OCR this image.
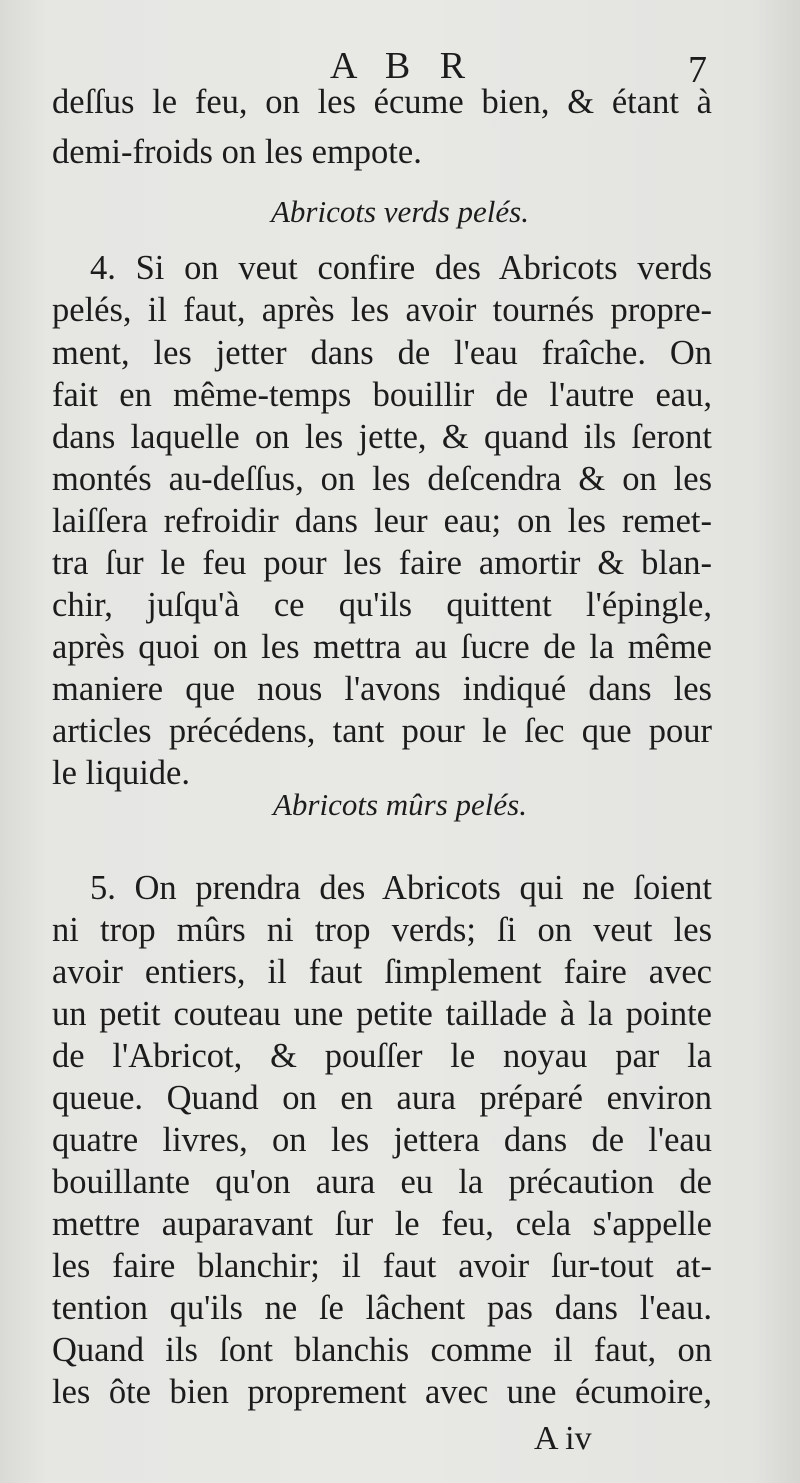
A B R	7
deſſus le feu, on les écume bien, & étant à
demi-froids on les empote.
Abricots verds pelés.
4. Si on veut confire des Abricots verds
pelés, il faut, après les avoir tournés propre-
ment, les jetter dans de l'eau fraîche. On
fait en même-temps bouillir de l'autre eau,
dans laquelle on les jette, & quand ils ſeront
montés au-deſſus, on les deſcendra & on les
laiſſera refroidir dans leur eau; on les remet-
tra ſur le feu pour les faire amortir & blan-
chir, juſqu'à ce qu'ils quittent l'épingle,
après quoi on les mettra au ſucre de la même
maniere que nous l'avons indiqué dans les
articles précédens, tant pour le ſec que pour
le liquide.
Abricots mûrs pelés.
5. On prendra des Abricots qui ne ſoient
ni trop mûrs ni trop verds; ſi on veut les
avoir entiers, il faut ſimplement faire avec
un petit couteau une petite taillade à la pointe
de l'Abricot, & pouſſer le noyau par la
queue. Quand on en aura préparé environ
quatre livres, on les jettera dans de l'eau
bouillante qu'on aura eu la précaution de
mettre auparavant ſur le feu, cela s'appelle
les faire blanchir; il faut avoir ſur-tout at-
tention qu'ils ne ſe lâchent pas dans l'eau.
Quand ils ſont blanchis comme il faut, on
les ôte bien proprement avec une écumoire,
A iv
